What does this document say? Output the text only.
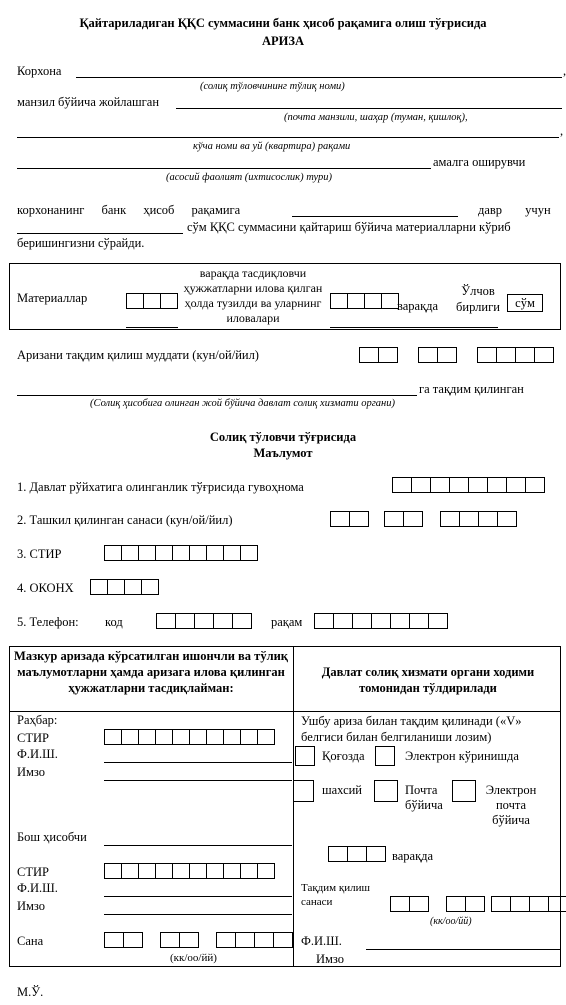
Қайтариладиган ҚҚС суммасини банк ҳисоб рақамига олиш тўғрисида
АРИЗА
Корхона	,
(солиқ тўловчининг тўлиқ номи)
манзил бўйича жойлашган
(почта манзили, шаҳар (туман, қишлоқ),
,
кўча номи ва уй (квартира) рақами
амалга оширувчи
(асосий фаолият (ихтисослик) тури)
корхонанинг банк ҳисоб рақамига	давр учун
сўм ҚҚС суммасини қайтариш бўйича материалларни кўриб
беришингизни сўрайди.
Материаллар
варақда тасдиқловчи ҳужжатларни илова қилган ҳолда тузилди ва уларнинг иловалари
варақда
Ўлчов бирлиги	сўм
Аризани тақдим қилиш муддати (кун/ой/йил)
га тақдим қилинган
(Солиқ ҳисобига олинган жой бўйича давлат солиқ хизмати органи)
Солиқ тўловчи тўғрисида
Маълумот
1. Давлат рўйхатига олинганлик тўғрисида гувоҳнома
2. Ташкил қилинган санаси (кун/ой/йил)
3. СТИР
4. ОКОНХ
5. Телефон: код	рақам
Мазкур аризада кўрсатилган ишончли ва тўлиқ маълумотларни ҳамда аризага илова қилинган ҳужжатларни тасдиқлайман:
Давлат солиқ хизмати органи ходими томонидан тўлдирилади
Раҳбар:
СТИР
Ф.И.Ш.
Имзо
Бош ҳисобчи
СТИР
Ф.И.Ш.
Имзо
Сана
(кк/оо/йй)
Ушбу ариза билан тақдим қилинади («V» белгиси билан белгиланиши лозим)
Қоғозда	Электрон кўринишда
шахсий	Почта бўйича
Электрон почта бўйича
варақда
Тақдим қилиш санаси
(кк/оо/йй)
Ф.И.Ш.
Имзо
М.Ў.
